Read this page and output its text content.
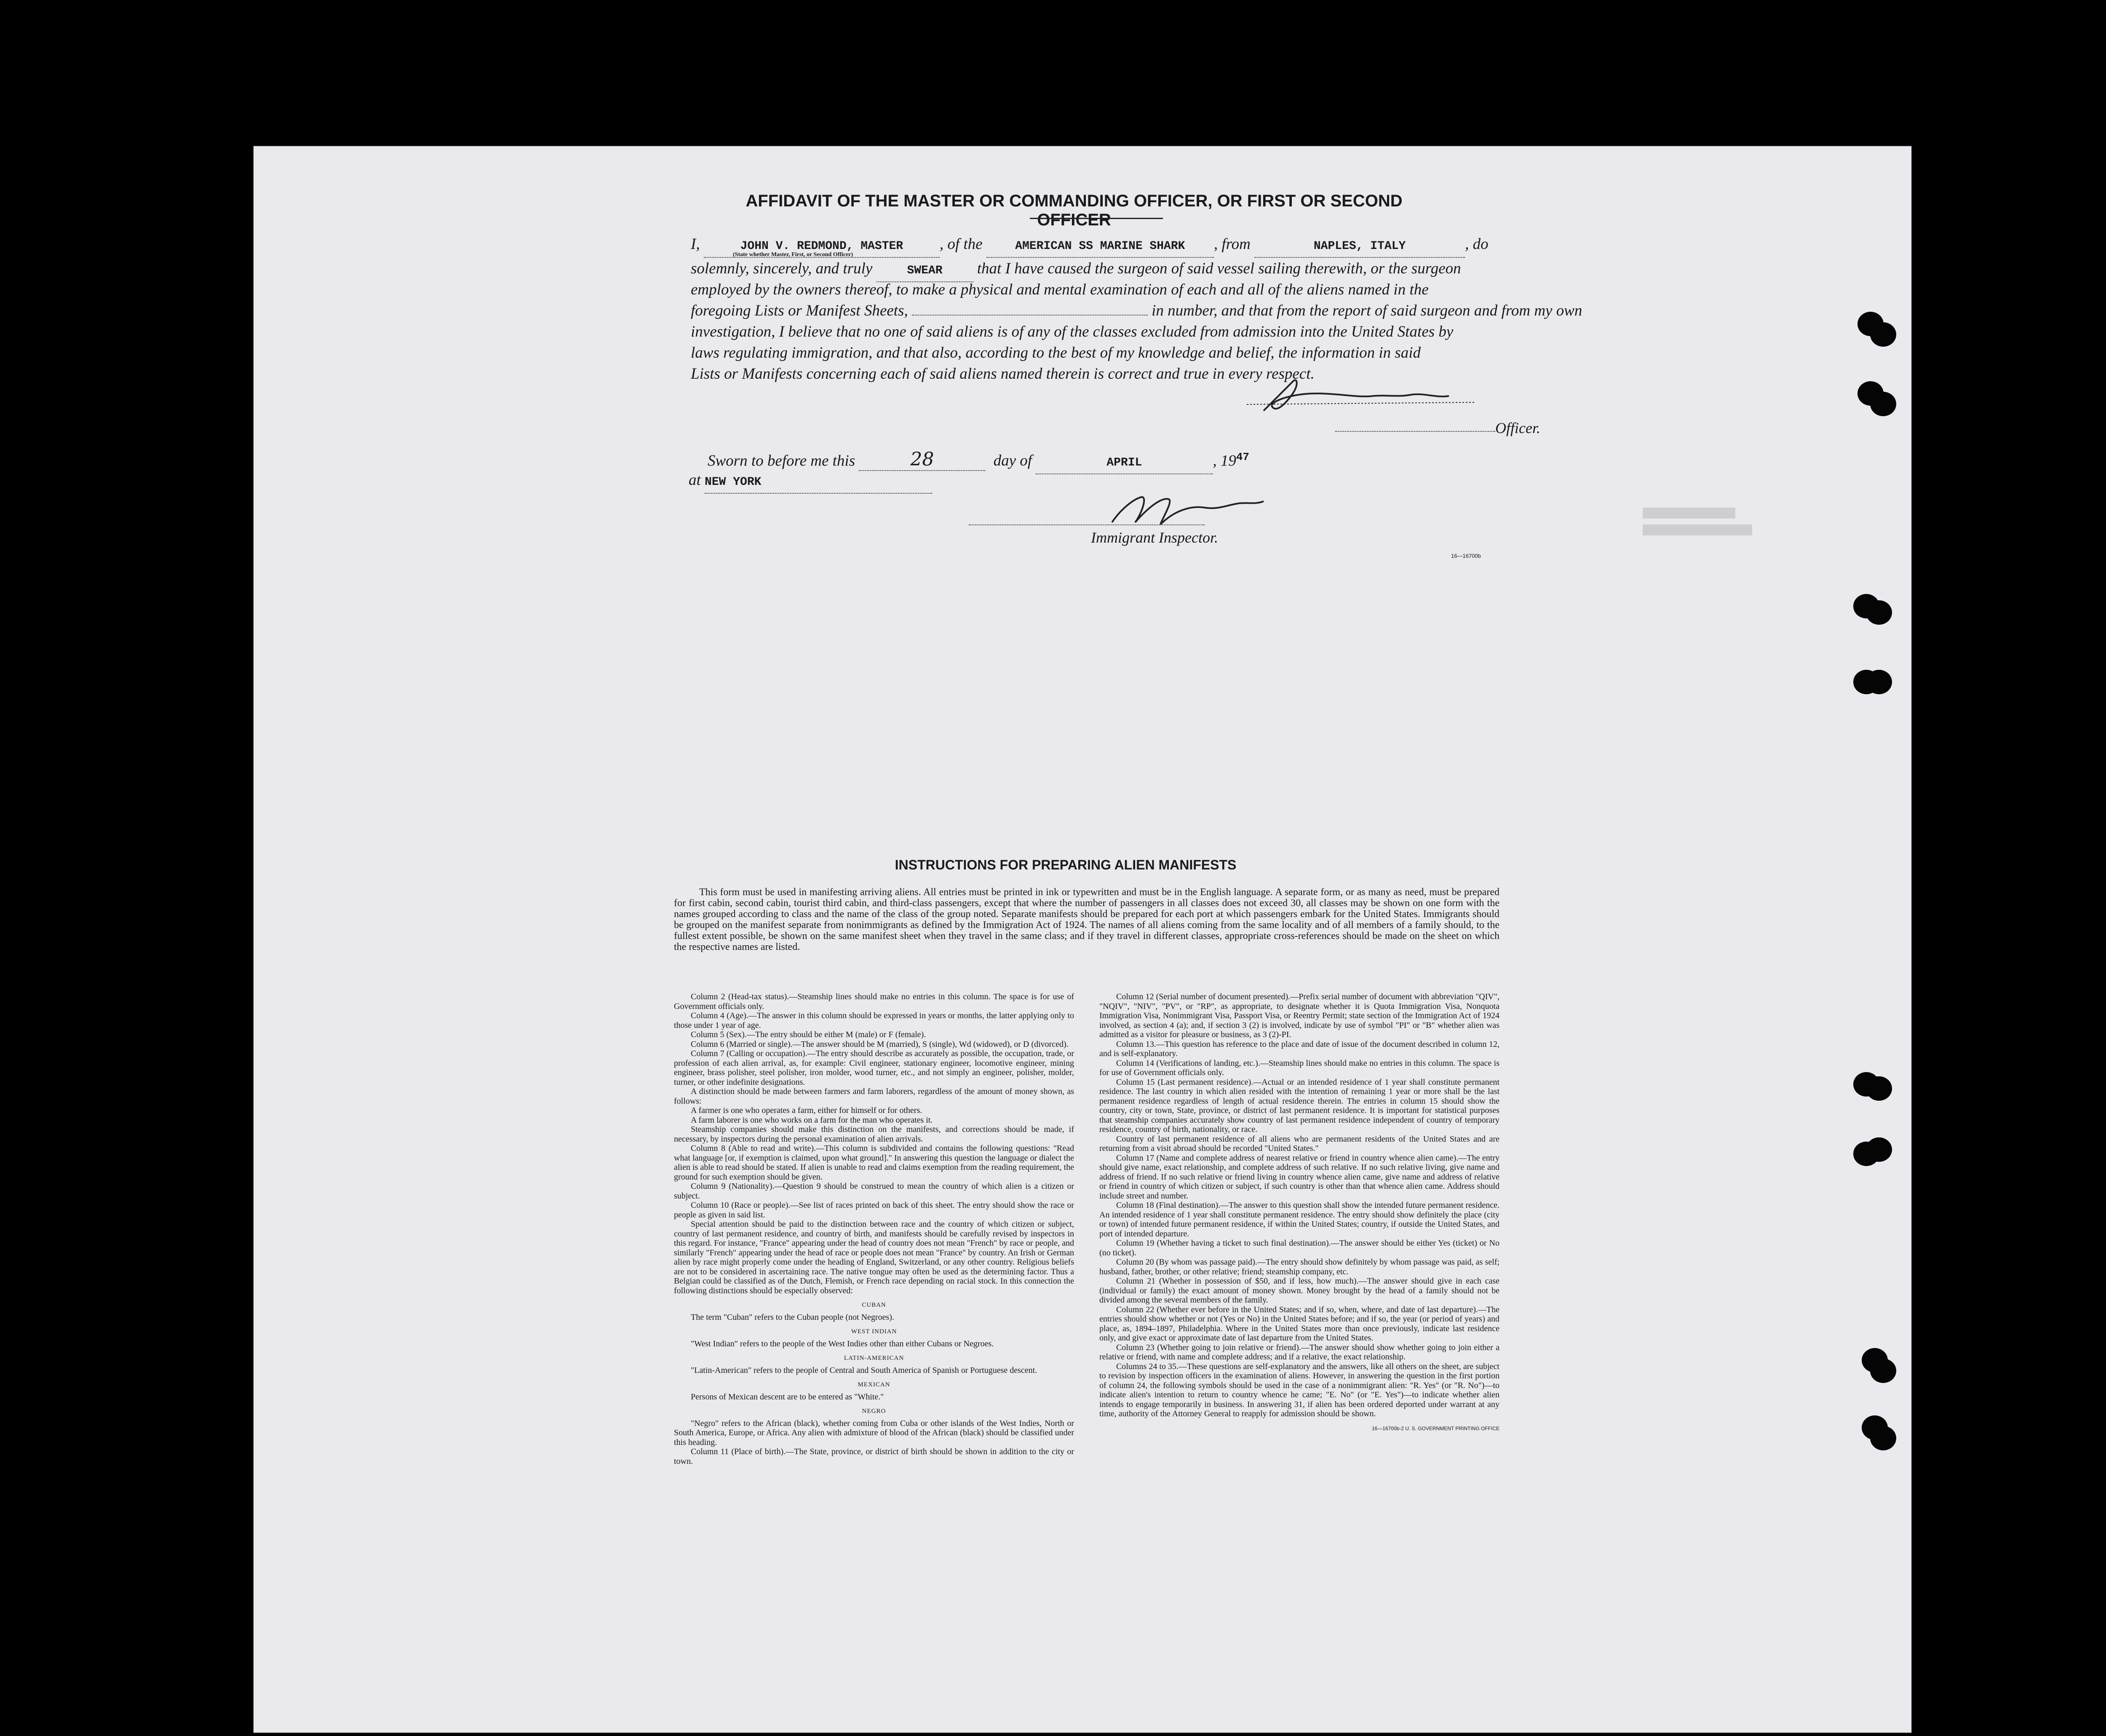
AFFIDAVIT OF THE MASTER OR COMMANDING OFFICER, OR FIRST OR SECOND OFFICER
I,	JOHN V. REDMOND, MASTER , of the	AMERICAN SS MARINE SHARK , from	NAPLES, ITALY	, do
(State whether Master, First, or Second Officer)
solemnly, sincerely, and truly	SWEAR that I have caused the surgeon of said vessel sailing therewith, or the surgeon
employed by the owners thereof, to make a physical and mental examination of each and all of the aliens named in the
foregoing Lists or Manifest Sheets,	in number, and that from the report of said surgeon and from my own
investigation, I believe that no one of said aliens is of any of the classes excluded from admission into the United States by
laws regulating immigration, and that also, according to the best of my knowledge and belief, the information in said
Lists or Manifests concerning each of said aliens named therein is correct and true in every respect.
Officer.
Sworn to before me this	28	day of	APRIL	, $19^{47}$
at NEW YORK
Immigrant Inspector.
16—16700b
INSTRUCTIONS FOR PREPARING ALIEN MANIFESTS
This form must be used in manifesting arriving aliens. All entries must be printed in ink or typewritten and must be in the English language. A separate form, or as many as need, must be prepared for first cabin, second cabin, tourist third cabin, and third-class passengers, except that where the number of passengers in all classes does not exceed 30, all classes may be shown on one form with the names grouped according to class and the name of the class of the group noted. Separate manifests should be prepared for each port at which passengers embark for the United States. Immigrants should be grouped on the manifest separate from nonimmigrants as defined by the Immigration Act of 1924. The names of all aliens coming from the same locality and of all members of a family should, to the fullest extent possible, be shown on the same manifest sheet when they travel in the same class; and if they travel in different classes, appropriate cross-references should be made on the sheet on which the respective names are listed.

Column 2 (Head-tax status).—Steamship lines should make no entries in this column. The space is for use of Government officials only.

Column 4 (Age).—The answer in this column should be expressed in years or months, the latter applying only to those under 1 year of age.

Column 5 (Sex).—The entry should be either M (male) or F (female).

Column 6 (Married or single).—The answer should be M (married), S (single), Wd (widowed), or D (divorced).

Column 7 (Calling or occupation).—The entry should describe as accurately as possible, the occupation, trade, or profession of each alien arrival, as, for example: Civil engineer, stationary engineer, locomotive engineer, mining engineer, brass polisher, steel polisher, iron molder, wood turner, etc., and not simply an engineer, polisher, molder, turner, or other indefinite designations.

A distinction should be made between farmers and farm laborers, regardless of the amount of money shown, as follows:

A farmer is one who operates a farm, either for himself or for others.

A farm laborer is one who works on a farm for the man who operates it.

Steamship companies should make this distinction on the manifests, and corrections should be made, if necessary, by inspectors during the personal examination of alien arrivals.

Column 8 (Able to read and write).—This column is subdivided and contains the following questions: "Read what language [or, if exemption is claimed, upon what ground]." In answering this question the language or dialect the alien is able to read should be stated. If alien is unable to read and claims exemption from the reading requirement, the ground for such exemption should be given.

Column 9 (Nationality).—Question 9 should be construed to mean the country of which alien is a citizen or subject.

Column 10 (Race or people).—See list of races printed on back of this sheet. The entry should show the race or people as given in said list.

Special attention should be paid to the distinction between race and the country of which citizen or subject, country of last permanent residence, and country of birth, and manifests should be carefully revised by inspectors in this regard. For instance, "France" appearing under the head of country does not mean "French" by race or people, and similarly "French" appearing under the head of race or people does not mean "France" by country. An Irish or German alien by race might properly come under the heading of England, Switzerland, or any other country. Religious beliefs are not to be considered in ascertaining race. The native tongue may often be used as the determining factor. Thus a Belgian could be classified as of the Dutch, Flemish, or French race depending on racial stock. In this connection the following distinctions should be especially observed:

CUBAN

The term "Cuban" refers to the Cuban people (not Negroes).

WEST INDIAN

"West Indian" refers to the people of the West Indies other than either Cubans or Negroes.

LATIN-AMERICAN

"Latin-American" refers to the people of Central and South America of Spanish or Portuguese descent.

MEXICAN

Persons of Mexican descent are to be entered as "White."

NEGRO

"Negro" refers to the African (black), whether coming from Cuba or other islands of the West Indies, North or South America, Europe, or Africa. Any alien with admixture of blood of the African (black) should be classified under this heading.

Column 11 (Place of birth).—The State, province, or district of birth should be shown in addition to the city or town.

Column 12 (Serial number of document presented).—Prefix serial number of document with abbreviation "QIV", "NQIV", "NIV", "PV", or "RP", as appropriate, to designate whether it is Quota Immigration Visa, Nonquota Immigration Visa, Nonimmigrant Visa, Passport Visa, or Reentry Permit; state section of the Immigration Act of 1924 involved, as section 4 (a); and, if section 3 (2) is involved, indicate by use of symbol "PI" or "B" whether alien was admitted as a visitor for pleasure or business, as 3 (2)-PI.

Column 13.—This question has reference to the place and date of issue of the document described in column 12, and is self-explanatory.

Column 14 (Verifications of landing, etc.).—Steamship lines should make no entries in this column. The space is for use of Government officials only.

Column 15 (Last permanent residence).—Actual or an intended residence of 1 year shall constitute permanent residence. The last country in which alien resided with the intention of remaining 1 year or more shall be the last permanent residence regardless of length of actual residence therein. The entries in column 15 should show the country, city or town, State, province, or district of last permanent residence. It is important for statistical purposes that steamship companies accurately show country of last permanent residence independent of country of temporary residence, country of birth, nationality, or race.

Country of last permanent residence of all aliens who are permanent residents of the United States and are returning from a visit abroad should be recorded "United States."

Column 17 (Name and complete address of nearest relative or friend in country whence alien came).—The entry should give name, exact relationship, and complete address of such relative. If no such relative living, give name and address of friend. If no such relative or friend living in country whence alien came, give name and address of relative or friend in country of which citizen or subject, if such country is other than that whence alien came. Address should include street and number.

Column 18 (Final destination).—The answer to this question shall show the intended future permanent residence. An intended residence of 1 year shall constitute permanent residence. The entry should show definitely the place (city or town) of intended future permanent residence, if within the United States; country, if outside the United States, and port of intended departure.

Column 19 (Whether having a ticket to such final destination).—The answer should be either Yes (ticket) or No (no ticket).

Column 20 (By whom was passage paid).—The entry should show definitely by whom passage was paid, as self; husband, father, brother, or other relative; friend; steamship company, etc.

Column 21 (Whether in possession of $50, and if less, how much).—The answer should give in each case (individual or family) the exact amount of money shown. Money brought by the head of a family should not be divided among the several members of the family.

Column 22 (Whether ever before in the United States; and if so, when, where, and date of last departure).—The entries should show whether or not (Yes or No) in the United States before; and if so, the year (or period of years) and place, as, 1894–1897, Philadelphia. Where in the United States more than once previously, indicate last residence only, and give exact or approximate date of last departure from the United States.

Column 23 (Whether going to join relative or friend).—The answer should show whether going to join either a relative or friend, with name and complete address; and if a relative, the exact relationship.

Columns 24 to 35.—These questions are self-explanatory and the answers, like all others on the sheet, are subject to revision by inspection officers in the examination of aliens. However, in answering the question in the first portion of column 24, the following symbols should be used in the case of a nonimmigrant alien: "R. Yes" (or "R. No")—to indicate alien's intention to return to country whence he came; "E. No" (or "E. Yes")—to indicate whether alien intends to engage temporarily in business. In answering 31, if alien has been ordered deported under warrant at any time, authority of the Attorney General to reapply for admission should be shown.

16—16700b-2 U. S. GOVERNMENT PRINTING OFFICE
